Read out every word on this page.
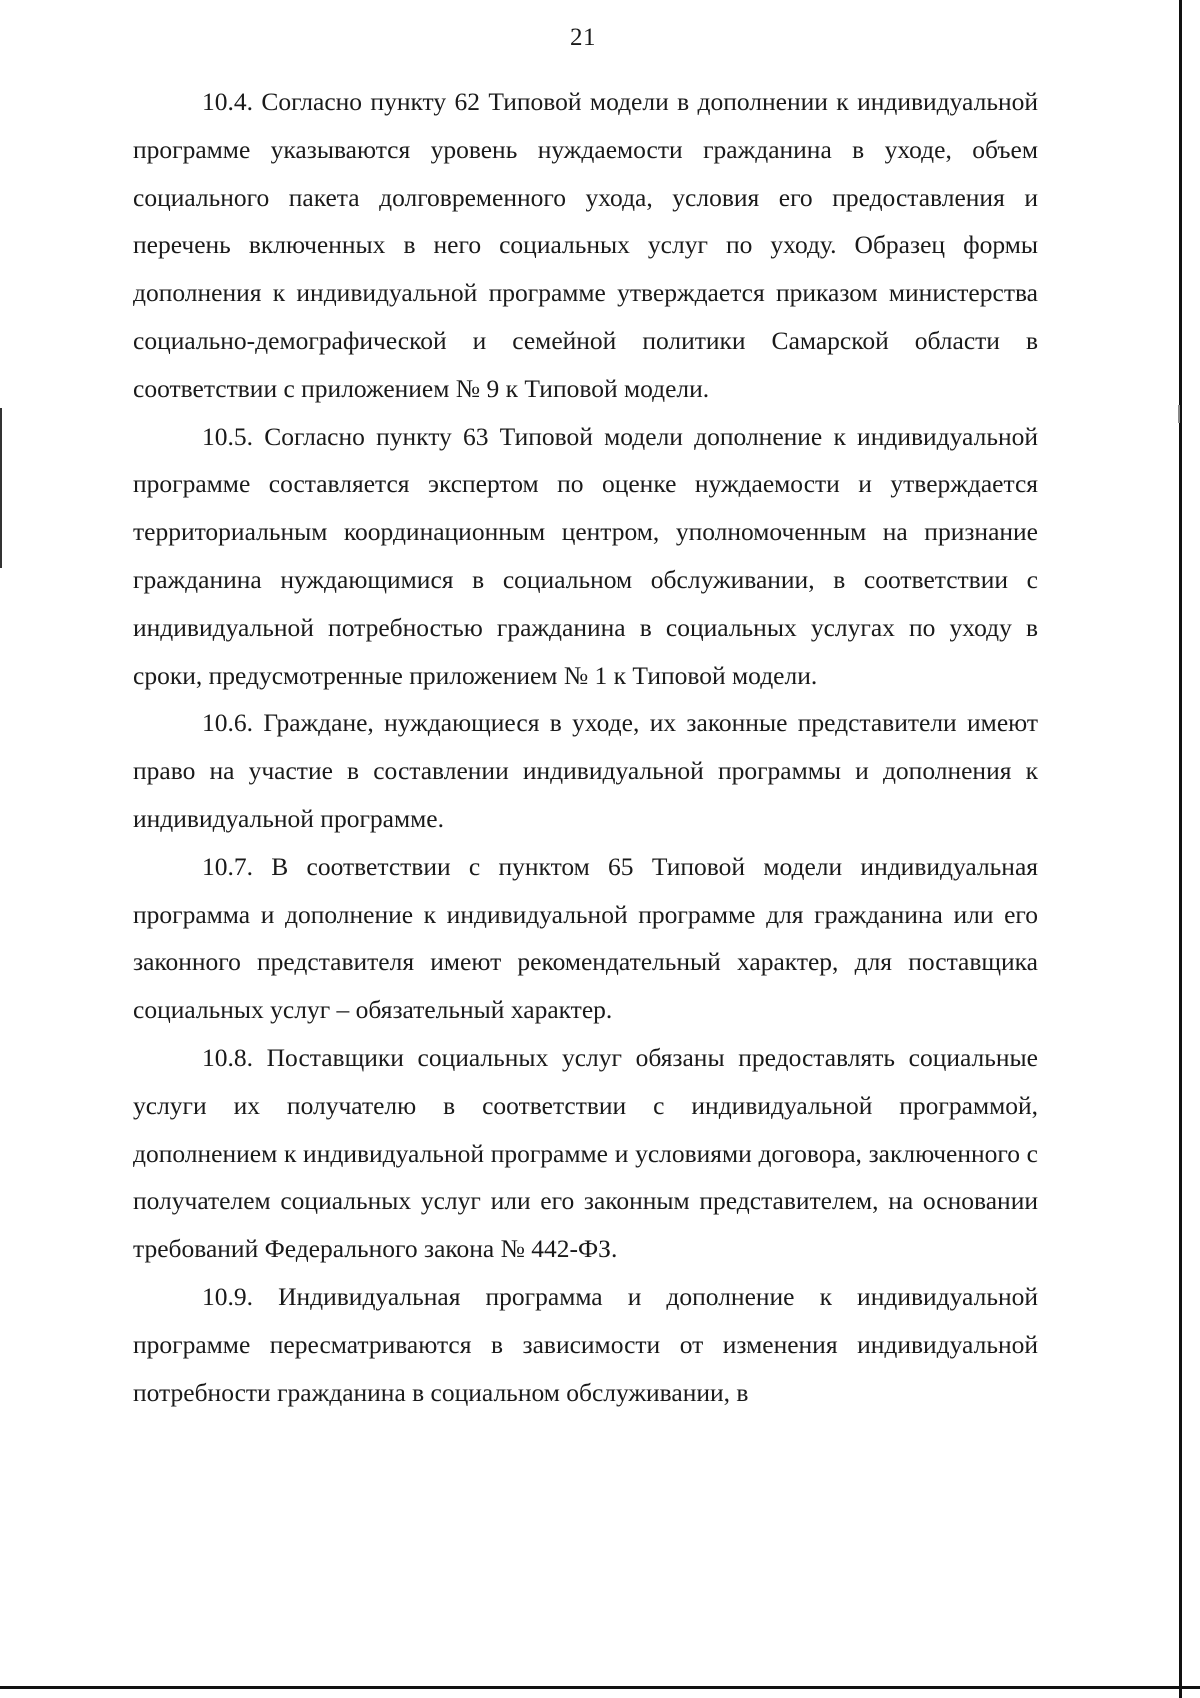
21

10.4. Согласно пункту 62 Типовой модели в дополнении к индивидуальной программе указываются уровень нуждаемости гражданина в уходе, объем социального пакета долговременного ухода, условия его предоставления и перечень включенных в него социальных услуг по уходу. Образец формы дополнения к индивидуальной программе утверждается приказом министерства социально-демографической и семейной политики Самарской области в соответствии с приложением № 9 к Типовой модели.

10.5. Согласно пункту 63 Типовой модели дополнение к индивидуальной программе составляется экспертом по оценке нуждаемости и утверждается территориальным координационным центром, уполномоченным на признание гражданина нуждающимися в социальном обслуживании, в соответствии с индивидуальной потребностью гражданина в социальных услугах по уходу в сроки, предусмотренные приложением № 1 к Типовой модели.

10.6. Граждане, нуждающиеся в уходе, их законные представители имеют право на участие в составлении индивидуальной программы и дополнения к индивидуальной программе.

10.7. В соответствии с пунктом 65 Типовой модели индивидуальная программа и дополнение к индивидуальной программе для гражданина или его законного представителя имеют рекомендательный характер, для поставщика социальных услуг – обязательный характер.

10.8. Поставщики социальных услуг обязаны предоставлять социальные услуги их получателю в соответствии с индивидуальной программой, дополнением к индивидуальной программе и условиями договора, заключенного с получателем социальных услуг или его законным представителем, на основании требований Федерального закона № 442-ФЗ.

10.9. Индивидуальная программа и дополнение к индивидуальной программе пересматриваются в зависимости от изменения индивидуальной потребности гражданина в социальном обслуживании, в
